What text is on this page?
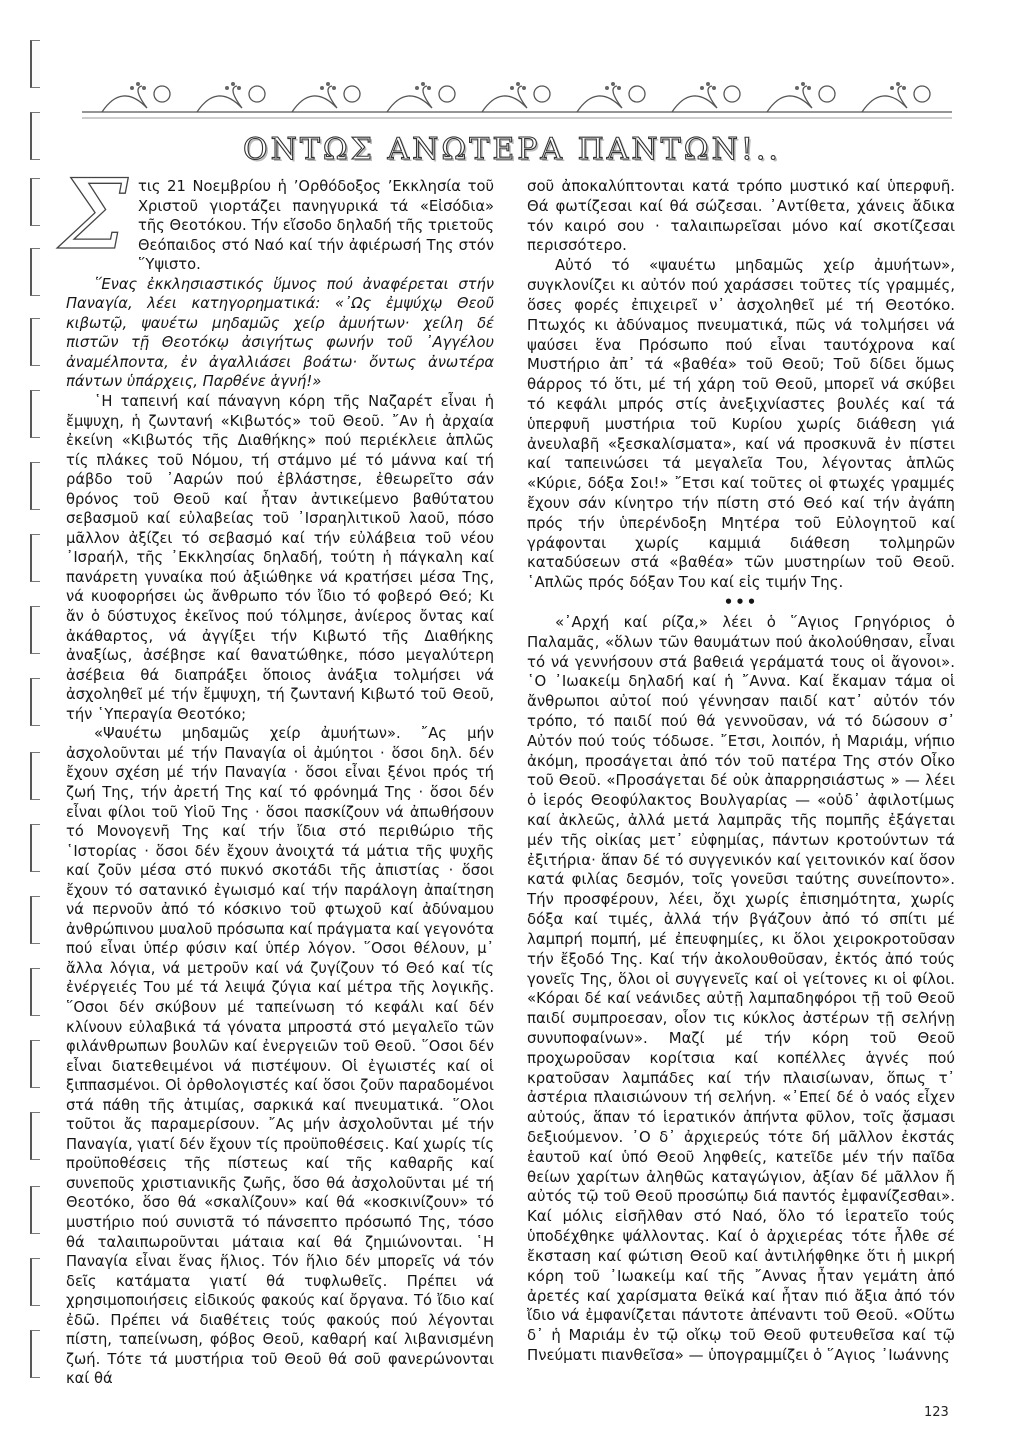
ΟΝΤΩΣ ΑΝΩΤΕΡΑ ΠΑΝΤΩΝ!..

Σ τις 21 Νοεμβρίου ἡ ’Ορθόδοξος ’Εκκλησία τοῦ Χριστοῦ γιορτάζει πανηγυρικά τά «Εἰσόδια» τῆς Θεοτόκου. Τήν εἴσοδο δηλαδή τῆς τριετοῦς Θεόπαιδος στό Ναό καί τήν ἀφιέρωσή Της στόν ῞Υψιστο.

῞Ενας ἐκκλησιαστικός ὕμνος πού ἀναφέρεται στήν Παναγία, λέει κατηγορηματικά: «᾽Ως ἐμψύχῳ Θεοῦ κιβωτῷ, ψαυέτω μηδαμῶς χείρ ἀμυήτων· χείλη δέ πιστῶν τῇ Θεοτόκῳ ἀσιγήτως φωνήν τοῦ ᾽Αγγέλου ἀναμέλποντα, ἐν ἀγαλλιάσει βοάτω· ὄντως ἀνωτέρα πάντων ὑπάρχεις, Παρθένε ἁγνή!»

῾Η ταπεινή καί πάναγνη κόρη τῆς Ναζαρέτ εἶναι ἡ ἔμψυχη, ἡ ζωντανή «Κιβωτός» τοῦ Θεοῦ. ῎Αν ἡ ἀρχαία ἐκείνη «Κιβωτός τῆς Διαθήκης» πού περιέκλειε ἁπλῶς τίς πλάκες τοῦ Νόμου, τή στάμνο μέ τό μάννα καί τή ράβδο τοῦ ᾽Ααρών πού ἐβλάστησε, ἐθεωρεῖτο σάν θρόνος τοῦ Θεοῦ καί ἦταν ἀντικείμενο βαθύτατου σεβασμοῦ καί εὐλαβείας τοῦ ᾽Ισραηλιτικοῦ λαοῦ, πόσο μᾶλλον ἀξίζει τό σεβασμό καί τήν εὐλάβεια τοῦ νέου ᾽Ισραήλ, τῆς ᾽Εκκλησίας δηλαδή, τούτη ἡ πάγκαλη καί πανάρετη γυναίκα πού ἀξιώθηκε νά κρατήσει μέσα Της, νά κυοφορήσει ὡς ἄνθρωπο τόν ἴδιο τό φοβερό Θεό; Κι ἄν ὁ δύστυχος ἐκεῖνος πού τόλμησε, ἀνίερος ὄντας καί ἀκάθαρτος, νά ἀγγίξει τήν Κιβωτό τῆς Διαθήκης ἀναξίως, ἀσέβησε καί θανατώθηκε, πόσο μεγαλύτερη ἀσέβεια θά διαπράξει ὅποιος ἀνάξια τολμήσει νά ἀσχοληθεῖ μέ τήν ἔμψυχη, τή ζωντανή Κιβωτό τοῦ Θεοῦ, τήν ῾Υπεραγία Θεοτόκο;

«Ψαυέτω μηδαμῶς χείρ ἀμυήτων». ῎Ας μήν ἀσχολοῦνται μέ τήν Παναγία οἱ ἀμύητοι · ὅσοι δηλ. δέν ἔχουν σχέση μέ τήν Παναγία · ὅσοι εἶναι ξένοι πρός τή ζωή Της, τήν ἀρετή Της καί τό φρόνημά Της · ὅσοι δέν εἶναι φίλοι τοῦ Υἱοῦ Της · ὅσοι πασκίζουν νά ἀπωθήσουν τό Μονογενῆ Της καί τήν ἴδια στό περιθώριο τῆς ῾Ιστορίας · ὅσοι δέν ἔχουν ἀνοιχτά τά μάτια τῆς ψυχῆς καί ζοῦν μέσα στό πυκνό σκοτάδι τῆς ἀπιστίας · ὅσοι ἔχουν τό σατανικό ἐγωισμό καί τήν παράλογη ἀπαίτηση νά περνοῦν ἀπό τό κόσκινο τοῦ φτωχοῦ καί ἀδύναμου ἀνθρώπινου μυαλοῦ πρόσωπα καί πράγματα καί γεγονότα πού εἶναι ὑπέρ φύσιν καί ὑπέρ λόγον. ῞Οσοι θέλουν, μ᾽ ἄλλα λόγια, νά μετροῦν καί νά ζυγίζουν τό Θεό καί τίς ἐνέργειές Του μέ τά λειψά ζύγια καί μέτρα τῆς λογικῆς. ῞Οσοι δέν σκύβουν μέ ταπείνωση τό κεφάλι καί δέν κλίνουν εὐλαβικά τά γόνατα μπροστά στό μεγαλεῖο τῶν φιλάνθρωπων βουλῶν καί ἐνεργειῶν τοῦ Θεοῦ. ῞Οσοι δέν εἶναι διατεθειμένοι νά πιστέψουν. Οἱ ἐγωιστές καί οἱ ξιππασμένοι. Οἱ ὀρθολογιστές καί ὅσοι ζοῦν παραδομένοι στά πάθη τῆς ἀτιμίας, σαρκικά καί πνευματικά. ῞Ολοι τοῦτοι ἄς παραμερίσουν. ῎Ας μήν ἀσχολοῦνται μέ τήν Παναγία, γιατί δέν ἔχουν τίς προϋποθέσεις. Καί χωρίς τίς προϋποθέσεις τῆς πίστεως καί τῆς καθαρῆς καί συνεποῦς χριστιανικῆς ζωῆς, ὅσο θά ἀσχολοῦνται μέ τή Θεοτόκο, ὅσο θά «σκαλίζουν» καί θά «κοσκινίζουν» τό μυστήριο πού συνιστᾶ τό πάνσεπτο πρόσωπό Της, τόσο θά ταλαιπωροῦνται μάταια καί θά ζημιώνονται. ῾Η Παναγία εἶναι ἕνας ἥλιος. Τόν ἥλιο δέν μπορεῖς νά τόν δεῖς κατάματα γιατί θά τυφλωθεῖς. Πρέπει νά χρησιμοποιήσεις εἰδικούς φακούς καί ὄργανα. Τό ἴδιο καί ἐδῶ. Πρέπει νά διαθέτεις τούς φακούς πού λέγονται πίστη, ταπείνωση, φόβος Θεοῦ, καθαρή καί λιβανισμένη ζωή. Τότε τά μυστήρια τοῦ Θεοῦ θά σοῦ φανερώνονται καί θά

σοῦ ἀποκαλύπτονται κατά τρόπο μυστικό καί ὑπερφυῆ. Θά φωτίζεσαι καί θά σώζεσαι. ᾽Αντίθετα, χάνεις ἄδικα τόν καιρό σου · ταλαιπωρεῖσαι μόνο καί σκοτίζεσαι περισσότερο.

Αὐτό τό «ψαυέτω μηδαμῶς χείρ ἀμυήτων», συγκλονίζει κι αὐτόν πού χαράσσει τοῦτες τίς γραμμές, ὅσες φορές ἐπιχειρεῖ ν᾽ ἀσχοληθεῖ μέ τή Θεοτόκο. Πτωχός κι ἀδύναμος πνευματικά, πῶς νά τολμήσει νά ψαύσει ἕνα Πρόσωπο πού εἶναι ταυτόχρονα καί Μυστήριο ἀπ᾽ τά «βαθέα» τοῦ Θεοῦ; Τοῦ δίδει ὅμως θάρρος τό ὅτι, μέ τή χάρη τοῦ Θεοῦ, μπορεῖ νά σκύβει τό κεφάλι μπρός στίς ἀνεξιχνίαστες βουλές καί τά ὑπερφυῆ μυστήρια τοῦ Κυρίου χωρίς διάθεση γιά ἀνευλαβῆ «ξεσκαλίσματα», καί νά προσκυνᾶ ἐν πίστει καί ταπεινώσει τά μεγαλεῖα Του, λέγοντας ἁπλῶς «Κύριε, δόξα Σοι!» ῎Ετσι καί τοῦτες οἱ φτωχές γραμμές ἔχουν σάν κίνητρο τήν πίστη στό Θεό καί τήν ἀγάπη πρός τήν ὑπερένδοξη Μητέρα τοῦ Εὐλογητοῦ καί γράφονται χωρίς καμμιά διάθεση τολμηρῶν καταδύσεων στά «βαθέα» τῶν μυστηρίων τοῦ Θεοῦ. ῾Απλῶς πρός δόξαν Του καί εἰς τιμήν Της.

•••

«᾽Αρχή καί ρίζα,» λέει ὁ ῞Αγιος Γρηγόριος ὁ Παλαμᾶς, «ὅλων τῶν θαυμάτων πού ἀκολούθησαν, εἶναι τό νά γεννήσουν στά βαθειά γεράματά τους οἱ ἄγονοι». ῾Ο ᾽Ιωακείμ δηλαδή καί ἡ ῎Αννα. Καί ἔκαμαν τάμα οἱ ἄνθρωποι αὐτοί πού γέννησαν παιδί κατ᾽ αὐτόν τόν τρόπο, τό παιδί πού θά γεννοῦσαν, νά τό δώσουν σ᾽ Αὐτόν πού τούς τόδωσε. ῎Ετσι, λοιπόν, ἡ Μαριάμ, νήπιο ἀκόμη, προσάγεται ἀπό τόν τοῦ πατέρα Της στόν Οἶκο τοῦ Θεοῦ. «Προσάγεται δέ οὐκ ἀπαρρησιάστως » — λέει ὁ ἱερός Θεοφύλακτος Βουλγαρίας — «οὐδ᾽ ἀφιλοτίμως καί ἀκλεῶς, ἀλλά μετά λαμπρᾶς τῆς πομπῆς ἐξάγεται μέν τῆς οἰκίας μετ᾽ εὐφημίας, πάντων κροτούντων τά ἐξιτήρια· ἅπαν δέ τό συγγενικόν καί γειτονικόν καί ὅσον κατά φιλίας δεσμόν, τοῖς γονεῦσι ταύτης συνείποντο». Τήν προσφέρουν, λέει, ὄχι χωρίς ἐπισημότητα, χωρίς δόξα καί τιμές, ἀλλά τήν βγάζουν ἀπό τό σπίτι μέ λαμπρή πομπή, μέ ἐπευφημίες, κι ὅλοι χειροκροτοῦσαν τήν ἔξοδό Της. Καί τήν ἀκολουθοῦσαν, ἐκτός ἀπό τούς γονεῖς Της, ὅλοι οἱ συγγενεῖς καί οἱ γείτονες κι οἱ φίλοι. «Κόραι δέ καί νεάνιδες αὐτῇ λαμπαδηφόροι τῇ τοῦ Θεοῦ παιδί συμπροεσαν, οἷον τις κύκλος ἀστέρων τῇ σελήνῃ συνυποφαίνων». Μαζί μέ τήν κόρη τοῦ Θεοῦ προχωροῦσαν κορίτσια καί κοπέλλες ἁγνές πού κρατοῦσαν λαμπάδες καί τήν πλαισίωναν, ὅπως τ᾽ ἀστέρια πλαισιώνουν τή σελήνη. «᾽Επεί δέ ὁ ναός εἶχεν αὐτούς, ἅπαν τό ἱερατικόν ἀπήντα φῦλον, τοῖς ᾄσμασι δεξιούμενον. ᾽Ο δ᾽ ἀρχιερεύς τότε δή μᾶλλον ἐκστάς ἑαυτοῦ καί ὑπό Θεοῦ ληφθείς, κατεῖδε μέν τήν παῖδα θείων χαρίτων ἀληθῶς καταγώγιον, ἀξίαν δέ μᾶλλον ἤ αὐτός τῷ τοῦ Θεοῦ προσώπῳ διά παντός ἐμφανίζεσθαι». Καί μόλις εἰσῆλθαν στό Ναό, ὅλο τό ἱερατεῖο τούς ὑποδέχθηκε ψάλλοντας. Καί ὁ ἀρχιερέας τότε ἦλθε σέ ἔκσταση καί φώτιση Θεοῦ καί ἀντιλήφθηκε ὅτι ἡ μικρή κόρη τοῦ ᾽Ιωακείμ καί τῆς ῎Αννας ἦταν γεμάτη ἀπό ἀρετές καί χαρίσματα θεϊκά καί ἦταν πιό ἄξια ἀπό τόν ἴδιο νά ἐμφανίζεται πάντοτε ἀπέναντι τοῦ Θεοῦ. «Οὕτω δ᾽ ἡ Μαριάμ ἐν τῷ οἴκῳ τοῦ Θεοῦ φυτευθεῖσα καί τῷ Πνεύματι πιανθεῖσα» — ὑπογραμμίζει ὁ ῞Αγιος ᾽Ιωάννης

123
